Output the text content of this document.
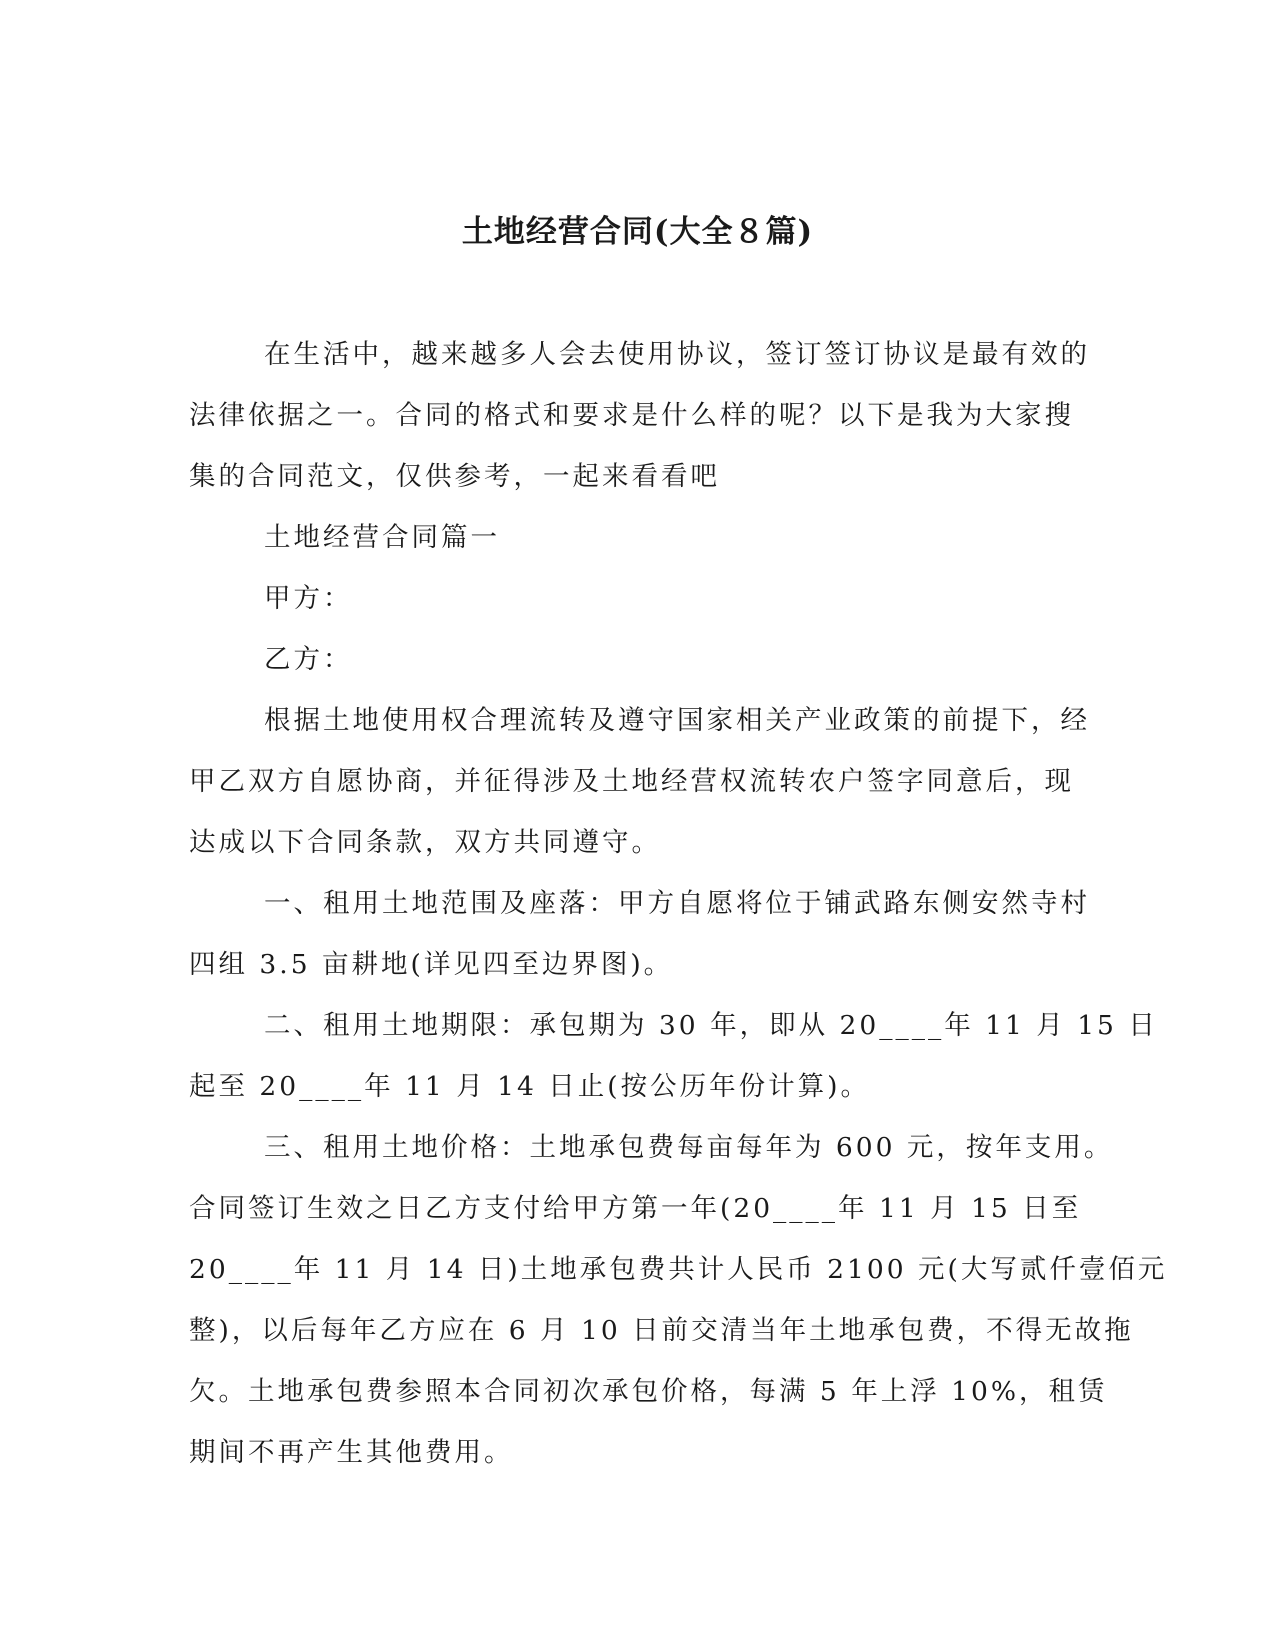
土地经营合同(大全８篇)
在生活中，越来越多人会去使用协议，签订签订协议是最有效的
法律依据之一。合同的格式和要求是什么样的呢？以下是我为大家搜
集的合同范文，仅供参考，一起来看看吧
土地经营合同篇一
甲方：
乙方：
根据土地使用权合理流转及遵守国家相关产业政策的前提下，经
甲乙双方自愿协商，并征得涉及土地经营权流转农户签字同意后，现
达成以下合同条款，双方共同遵守。
一、租用土地范围及座落：甲方自愿将位于铺武路东侧安然寺村
四组 3.5 亩耕地(详见四至边界图)。
二、租用土地期限：承包期为 30 年，即从 20____年 11 月 15 日
起至 20____年 11 月 14 日止(按公历年份计算)。
三、租用土地价格：土地承包费每亩每年为 600 元，按年支用。
合同签订生效之日乙方支付给甲方第一年(20____年 11 月 15 日至
20____年 11 月 14 日)土地承包费共计人民币 2100 元(大写贰仟壹佰元
整)，以后每年乙方应在 6 月 10 日前交清当年土地承包费，不得无故拖
欠。土地承包费参照本合同初次承包价格，每满 5 年上浮 10%，租赁
期间不再产生其他费用。
